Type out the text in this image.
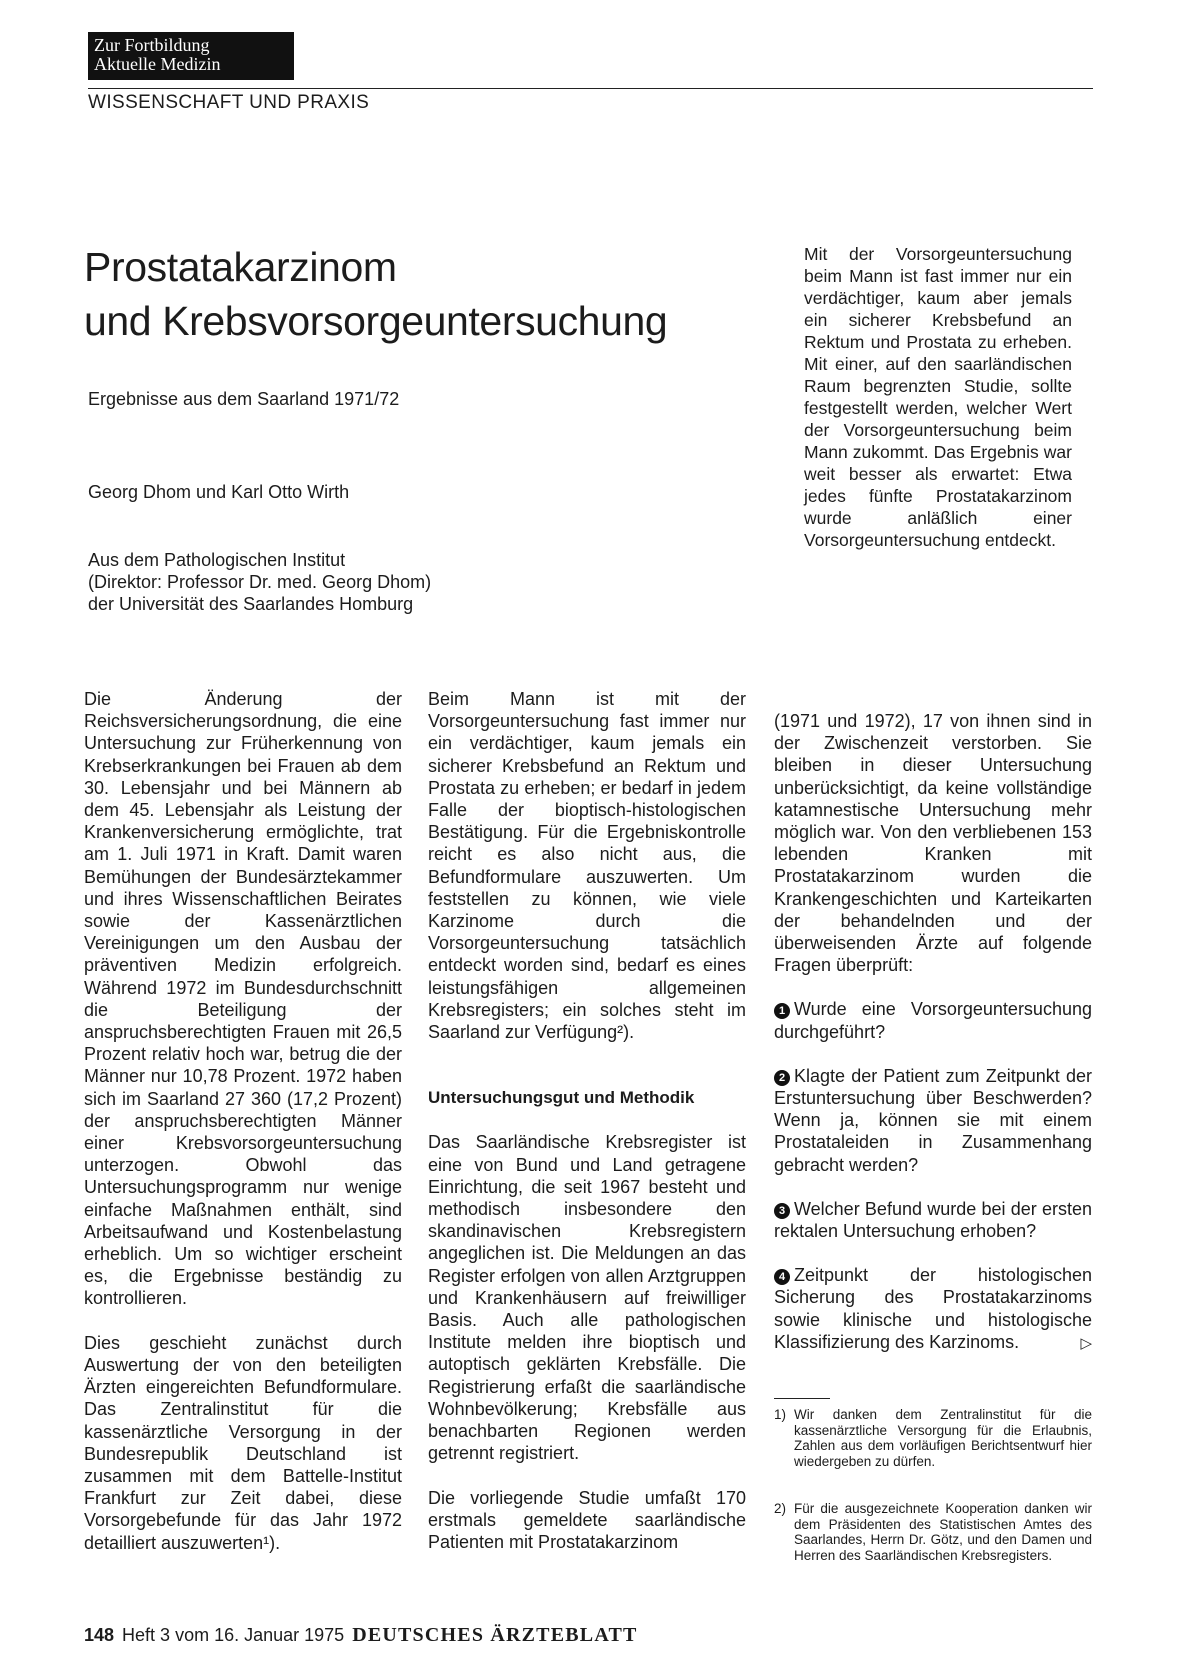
Zur Fortbildung
Aktuelle Medizin
WISSENSCHAFT UND PRAXIS
Prostatakarzinom
und Krebsvorsorgeuntersuchung
Ergebnisse aus dem Saarland 1971/72
Georg Dhom und Karl Otto Wirth
Aus dem Pathologischen Institut
(Direktor: Professor Dr. med. Georg Dhom)
der Universität des Saarlandes Homburg
Mit der Vorsorgeuntersuchung beim Mann ist fast immer nur ein verdächtiger, kaum aber jemals ein sicherer Krebsbefund an Rektum und Prostata zu erheben. Mit einer, auf den saarländischen Raum begrenzten Studie, sollte festgestellt werden, welcher Wert der Vorsorgeuntersuchung beim Mann zukommt. Das Ergebnis war weit besser als erwartet: Etwa jedes fünfte Prostatakarzinom wurde anläßlich einer Vorsorgeuntersuchung entdeckt.

Die Änderung der Reichsversicherungsordnung, die eine Untersuchung zur Früherkennung von Krebserkrankungen bei Frauen ab dem 30. Lebensjahr und bei Männern ab dem 45. Lebensjahr als Leistung der Krankenversicherung ermöglichte, trat am 1. Juli 1971 in Kraft. Damit waren Bemühungen der Bundesärztekammer und ihres Wissenschaftlichen Beirates sowie der Kassenärztlichen Vereinigungen um den Ausbau der präventiven Medizin erfolgreich. Während 1972 im Bundesdurchschnitt die Beteiligung der anspruchsberechtigten Frauen mit 26,5 Prozent relativ hoch war, betrug die der Männer nur 10,78 Prozent. 1972 haben sich im Saarland 27 360 (17,2 Prozent) der anspruchsberechtigten Männer einer Krebsvorsorgeuntersuchung unterzogen. Obwohl das Untersuchungsprogramm nur wenige einfache Maßnahmen enthält, sind Arbeitsaufwand und Kostenbelastung erheblich. Um so wichtiger erscheint es, die Ergebnisse beständig zu kontrollieren.

Dies geschieht zunächst durch Auswertung der von den beteiligten Ärzten eingereichten Befundformulare. Das Zentralinstitut für die kassenärztliche Versorgung in der Bundesrepublik Deutschland ist zusammen mit dem Battelle-Institut Frankfurt zur Zeit dabei, diese Vorsorgebefunde für das Jahr 1972 detailliert auszuwerten¹).

Beim Mann ist mit der Vorsorgeuntersuchung fast immer nur ein verdächtiger, kaum jemals ein sicherer Krebsbefund an Rektum und Prostata zu erheben; er bedarf in jedem Falle der bioptisch-histologischen Bestätigung. Für die Ergebniskontrolle reicht es also nicht aus, die Befundformulare auszuwerten. Um feststellen zu können, wie viele Karzinome durch die Vorsorgeuntersuchung tatsächlich entdeckt worden sind, bedarf es eines leistungsfähigen allgemeinen Krebsregisters; ein solches steht im Saarland zur Verfügung²).

Untersuchungsgut und Methodik

Das Saarländische Krebsregister ist eine von Bund und Land getragene Einrichtung, die seit 1967 besteht und methodisch insbesondere den skandinavischen Krebsregistern angeglichen ist. Die Meldungen an das Register erfolgen von allen Arztgruppen und Krankenhäusern auf freiwilliger Basis. Auch alle pathologischen Institute melden ihre bioptisch und autoptisch geklärten Krebsfälle. Die Registrierung erfaßt die saarländische Wohnbevölkerung; Krebsfälle aus benachbarten Regionen werden getrennt registriert.

Die vorliegende Studie umfaßt 170 erstmals gemeldete saarländische Patienten mit Prostatakarzinom

(1971 und 1972), 17 von ihnen sind in der Zwischenzeit verstorben. Sie bleiben in dieser Untersuchung unberücksichtigt, da keine vollständige katamnestische Untersuchung mehr möglich war. Von den verbliebenen 153 lebenden Kranken mit Prostatakarzinom wurden die Krankengeschichten und Karteikarten der behandelnden und der überweisenden Ärzte auf folgende Fragen überprüft:

1 Wurde eine Vorsorgeuntersuchung durchgeführt?

2 Klagte der Patient zum Zeitpunkt der Erstuntersuchung über Beschwerden? Wenn ja, können sie mit einem Prostataleiden in Zusammenhang gebracht werden?

3 Welcher Befund wurde bei der ersten rektalen Untersuchung erhoben?

4 Zeitpunkt der histologischen Sicherung des Prostatakarzinoms sowie klinische und histologische Klassifizierung des Karzinoms.	▷

1) Wir danken dem Zentralinstitut für die kassenärztliche Versorgung für die Erlaubnis, Zahlen aus dem vorläufigen Berichtsentwurf hier wiedergeben zu dürfen.
2) Für die ausgezeichnete Kooperation danken wir dem Präsidenten des Statistischen Amtes des Saarlandes, Herrn Dr. Götz, und den Damen und Herren des Saarländischen Krebsregisters.
148 Heft 3 vom 16. Januar 1975 DEUTSCHES ÄRZTEBLATT
